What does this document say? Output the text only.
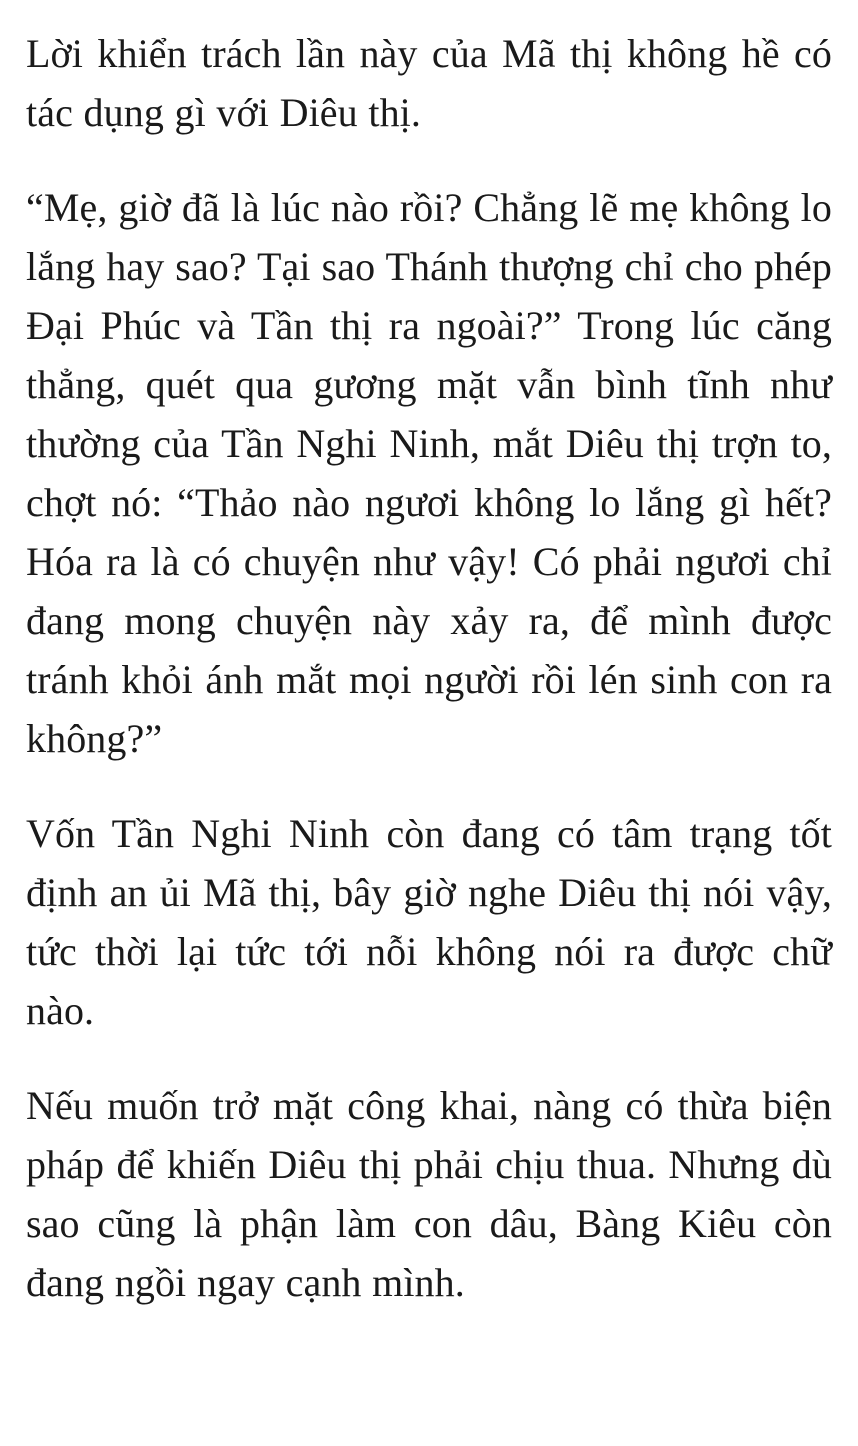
Lời khiển trách lần này của Mã thị không hề có tác dụng gì với Diêu thị.

“Mẹ, giờ đã là lúc nào rồi? Chẳng lẽ mẹ không lo lắng hay sao? Tại sao Thánh thượng chỉ cho phép Đại Phúc và Tần thị ra ngoài?” Trong lúc căng thẳng, quét qua gương mặt vẫn bình tĩnh như thường của Tần Nghi Ninh, mắt Diêu thị trợn to, chợt nó: “Thảo nào ngươi không lo lắng gì hết? Hóa ra là có chuyện như vậy! Có phải ngươi chỉ đang mong chuyện này xảy ra, để mình được tránh khỏi ánh mắt mọi người rồi lén sinh con ra không?”

Vốn Tần Nghi Ninh còn đang có tâm trạng tốt định an ủi Mã thị, bây giờ nghe Diêu thị nói vậy, tức thời lại tức tới nỗi không nói ra được chữ nào.

Nếu muốn trở mặt công khai, nàng có thừa biện pháp để khiến Diêu thị phải chịu thua. Nhưng dù sao cũng là phận làm con dâu, Bàng Kiêu còn đang ngồi ngay cạnh mình.
